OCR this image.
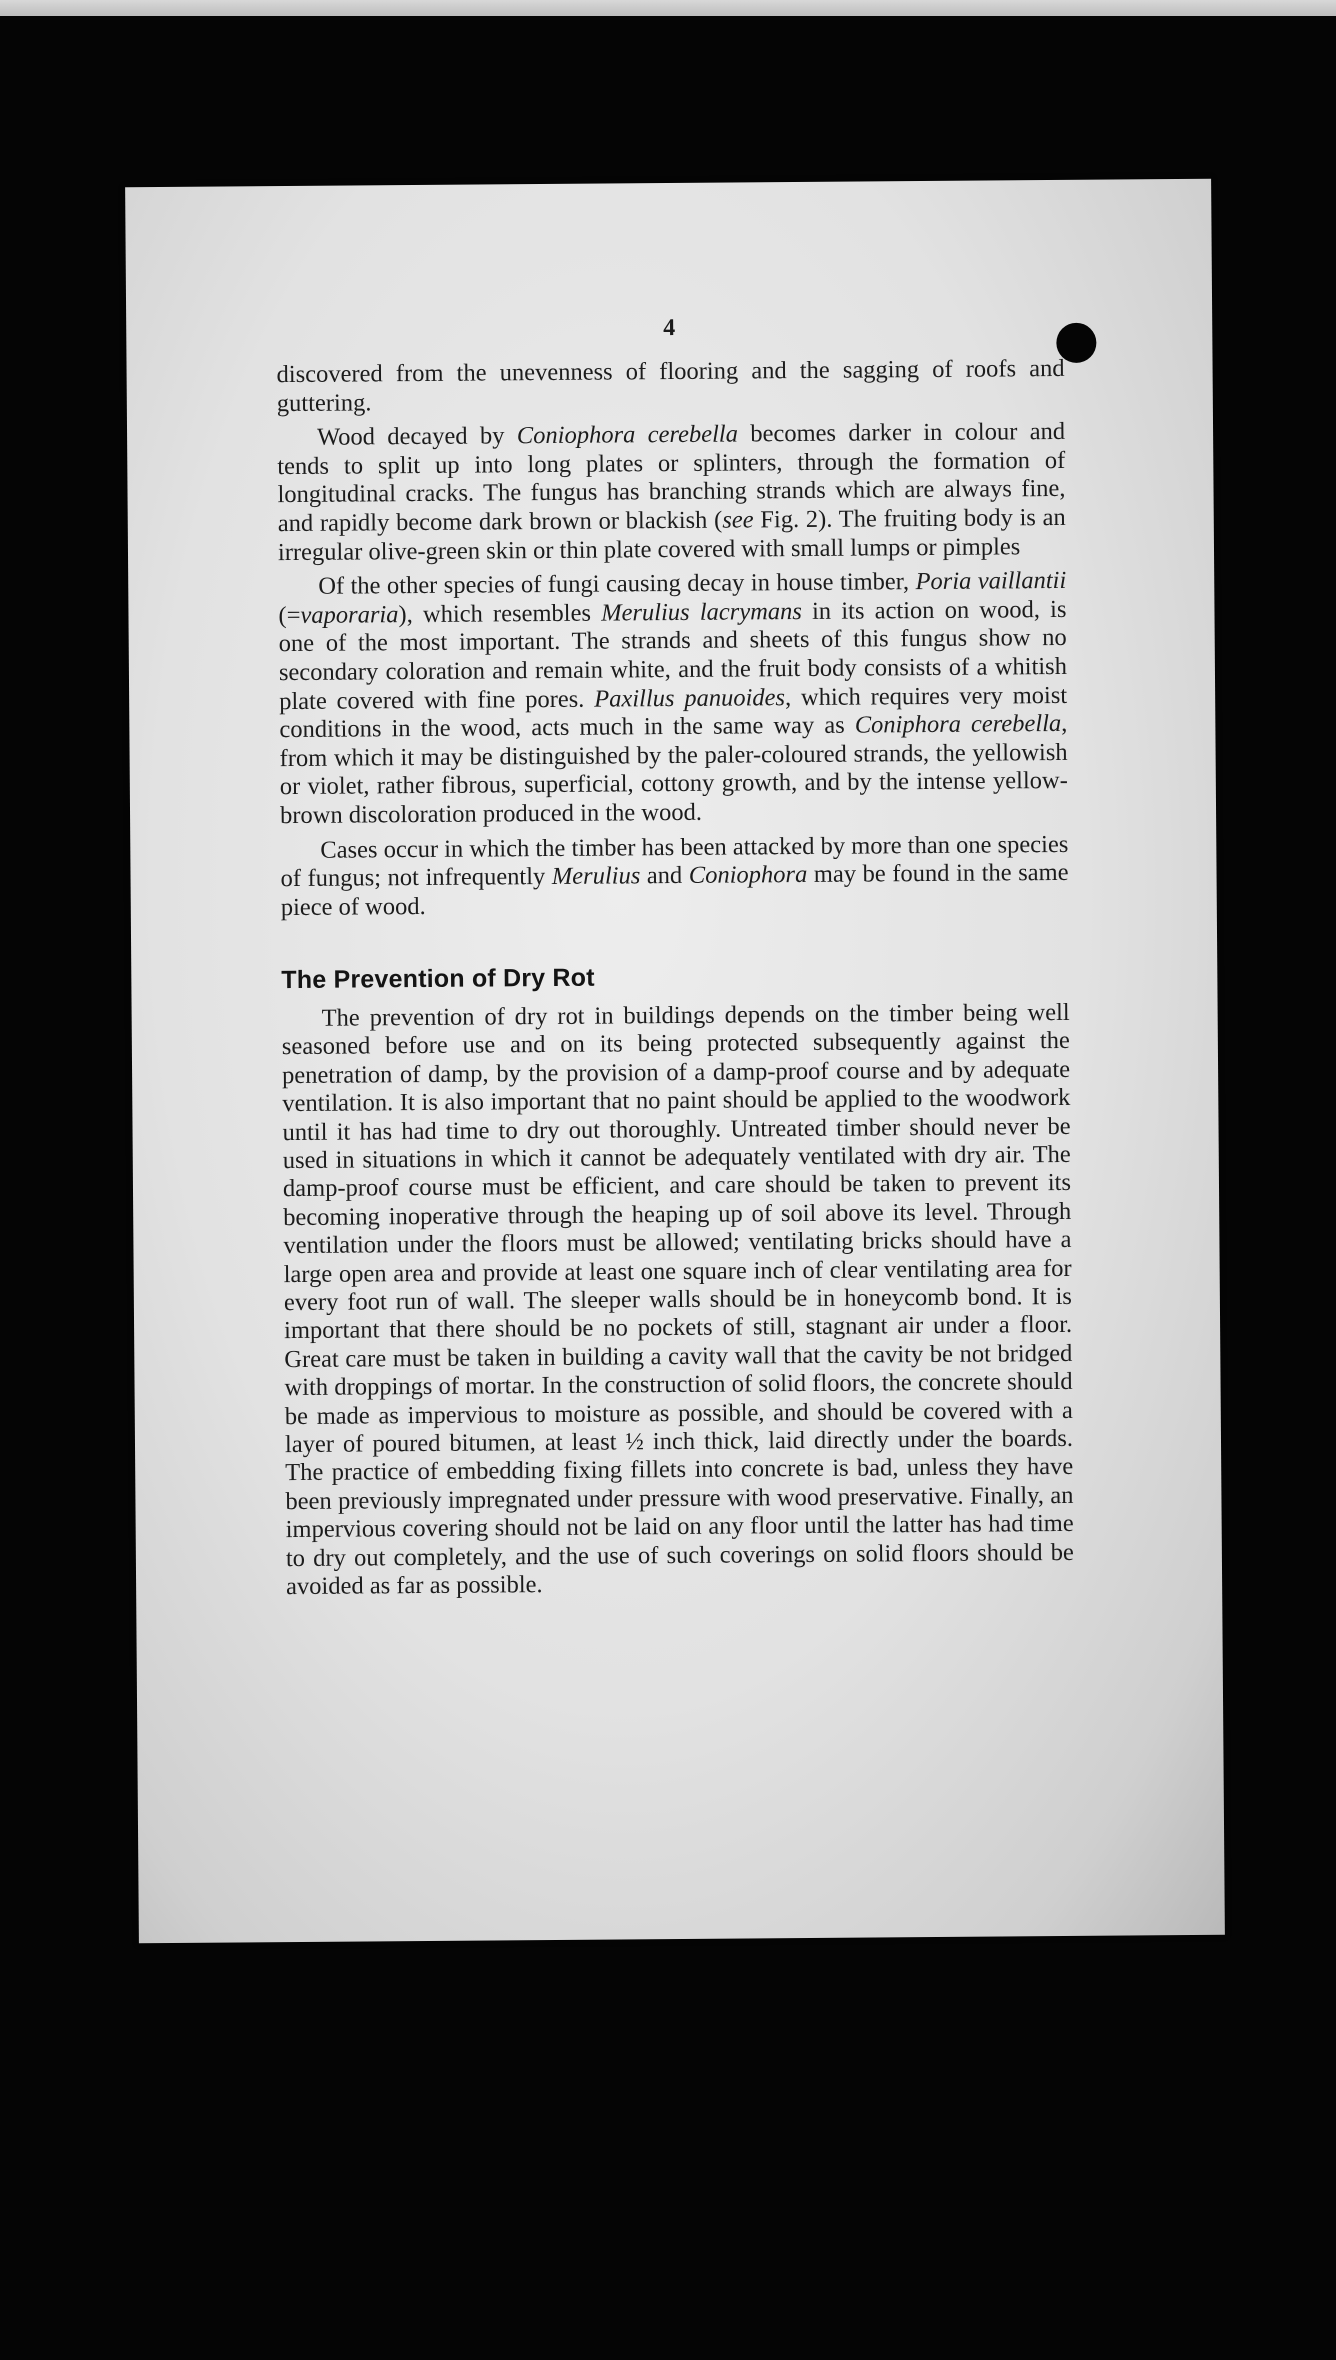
4

discovered from the unevenness of flooring and the sagging of roofs and guttering.

Wood decayed by Coniophora cerebella becomes darker in colour and tends to split up into long plates or splinters, through the formation of longitudinal cracks. The fungus has branching strands which are always fine, and rapidly become dark brown or blackish (see Fig. 2). The fruiting body is an irregular olive-green skin or thin plate covered with small lumps or pimples

Of the other species of fungi causing decay in house timber, Poria vaillantii (=vaporaria), which resembles Merulius lacrymans in its action on wood, is one of the most important. The strands and sheets of this fungus show no secondary coloration and remain white, and the fruit body consists of a whitish plate covered with fine pores. Paxillus panuoides, which requires very moist conditions in the wood, acts much in the same way as Coniphora cerebella, from which it may be distinguished by the paler-coloured strands, the yellowish or violet, rather fibrous, superficial, cottony growth, and by the intense yellow-brown discoloration produced in the wood.

Cases occur in which the timber has been attacked by more than one species of fungus; not infrequently Merulius and Coniophora may be found in the same piece of wood.

The Prevention of Dry Rot

The prevention of dry rot in buildings depends on the timber being well seasoned before use and on its being protected subsequently against the penetration of damp, by the provision of a damp-proof course and by adequate ventilation. It is also important that no paint should be applied to the woodwork until it has had time to dry out thoroughly. Untreated timber should never be used in situations in which it cannot be adequately ventilated with dry air. The damp-proof course must be efficient, and care should be taken to prevent its becoming inoperative through the heaping up of soil above its level. Through ventilation under the floors must be allowed; ventilating bricks should have a large open area and provide at least one square inch of clear ventilating area for every foot run of wall. The sleeper walls should be in honeycomb bond. It is important that there should be no pockets of still, stagnant air under a floor. Great care must be taken in building a cavity wall that the cavity be not bridged with droppings of mortar. In the construction of solid floors, the concrete should be made as impervious to moisture as possible, and should be covered with a layer of poured bitumen, at least ½ inch thick, laid directly under the boards. The practice of embedding fixing fillets into concrete is bad, unless they have been previously impregnated under pressure with wood preservative. Finally, an impervious covering should not be laid on any floor until the latter has had time to dry out completely, and the use of such coverings on solid floors should be avoided as far as possible.
